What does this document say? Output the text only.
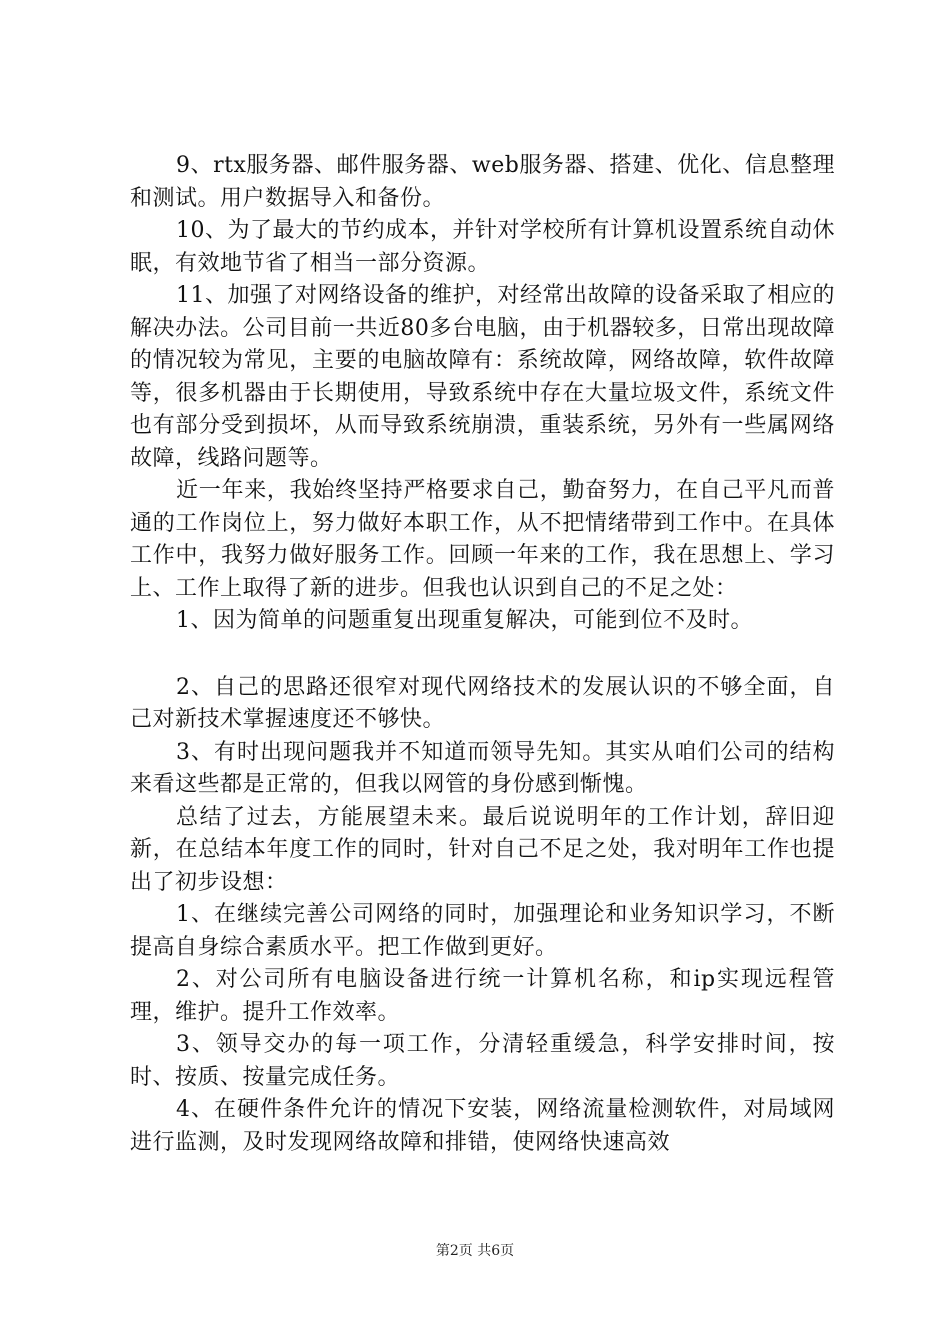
9、rtx服务器、邮件服务器、web服务器、搭建、优化、信息整理和测试。用户数据导入和备份。

10、为了最大的节约成本，并针对学校所有计算机设置系统自动休眠，有效地节省了相当一部分资源。

11、加强了对网络设备的维护，对经常出故障的设备采取了相应的解决办法。公司目前一共近80多台电脑，由于机器较多，日常出现故障的情况较为常见，主要的电脑故障有：系统故障，网络故障，软件故障等，很多机器由于长期使用，导致系统中存在大量垃圾文件，系统文件也有部分受到损坏，从而导致系统崩溃，重装系统，另外有一些属网络故障，线路问题等。

近一年来，我始终坚持严格要求自己，勤奋努力，在自己平凡而普通的工作岗位上，努力做好本职工作，从不把情绪带到工作中。在具体工作中，我努力做好服务工作。回顾一年来的工作，我在思想上、学习上、工作上取得了新的进步。但我也认识到自己的不足之处：

1、因为简单的问题重复出现重复解决，可能到位不及时。

2、自己的思路还很窄对现代网络技术的发展认识的不够全面，自己对新技术掌握速度还不够快。

3、有时出现问题我并不知道而领导先知。其实从咱们公司的结构来看这些都是正常的，但我以网管的身份感到惭愧。

总结了过去，方能展望未来。最后说说明年的工作计划，辞旧迎新，在总结本年度工作的同时，针对自己不足之处，我对明年工作也提出了初步设想：

1、在继续完善公司网络的同时，加强理论和业务知识学习，不断提高自身综合素质水平。把工作做到更好。

2、对公司所有电脑设备进行统一计算机名称，和ip实现远程管理，维护。提升工作效率。

3、领导交办的每一项工作，分清轻重缓急，科学安排时间，按时、按质、按量完成任务。

4、在硬件条件允许的情况下安装，网络流量检测软件，对局域网进行监测，及时发现网络故障和排错，使网络快速高效

第2页 共6页
